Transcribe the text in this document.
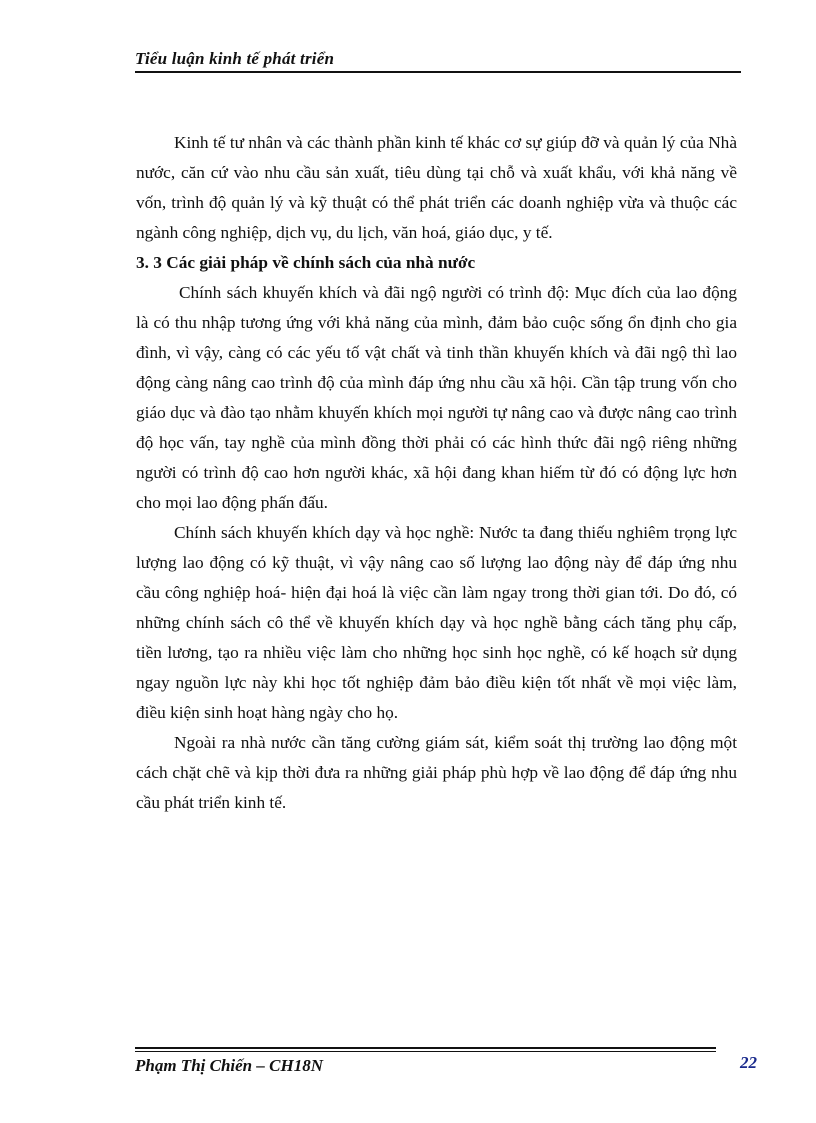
Tiểu luận kinh tế phát triển

Kinh tế tư nhân và các thành phần kinh tế khác cơ sự giúp đỡ và quản lý của Nhà nước, căn cứ vào nhu cầu sản xuất, tiêu dùng tại chỗ và xuất khẩu, với khả năng về vốn, trình độ quản lý và kỹ thuật có thể phát triển các doanh nghiệp vừa và thuộc các ngành công nghiệp, dịch vụ, du lịch, văn hoá, giáo dục, y tế.

3. 3 Các giải pháp về chính sách của nhà nước

Chính sách khuyến khích và đãi ngộ người có trình độ: Mục đích của lao động là có thu nhập tương ứng với khả năng của mình, đảm bảo cuộc sống ổn định cho gia đình, vì vậy, càng có các yếu tố vật chất và tinh thần khuyến khích và đãi ngộ thì lao động càng nâng cao trình độ của mình đáp ứng nhu cầu xã hội. Cần tập trung vốn cho giáo dục và đào tạo nhằm khuyến khích mọi người tự nâng cao và được nâng cao trình độ học vấn, tay nghề của mình đồng thời phải có các hình thức đãi ngộ riêng những người có trình độ cao hơn người khác, xã hội đang khan hiếm từ đó có động lực hơn cho mọi lao động phấn đấu.

Chính sách khuyến khích dạy và học nghề: Nước ta đang thiếu nghiêm trọng lực lượng lao động có kỹ thuật, vì vậy nâng cao số lượng lao động này để đáp ứng nhu cầu công nghiệp hoá- hiện đại hoá là việc cần làm ngay trong thời gian tới. Do đó, có những chính sách cô thể về khuyến khích dạy và học nghề bằng cách tăng phụ cấp, tiền lương, tạo ra nhiều việc làm cho những học sinh học nghề, có kế hoạch sử dụng ngay nguồn lực này khi học tốt nghiệp đảm bảo điều kiện tốt nhất về mọi việc làm, điều kiện sinh hoạt hàng ngày cho họ.

Ngoài ra nhà nước cần tăng cường giám sát, kiểm soát thị trường lao động một cách chặt chẽ và kịp thời đưa ra những giải pháp phù hợp về lao động để đáp ứng nhu cầu phát triển kinh tế.

Phạm Thị Chiến – CH18N	22
